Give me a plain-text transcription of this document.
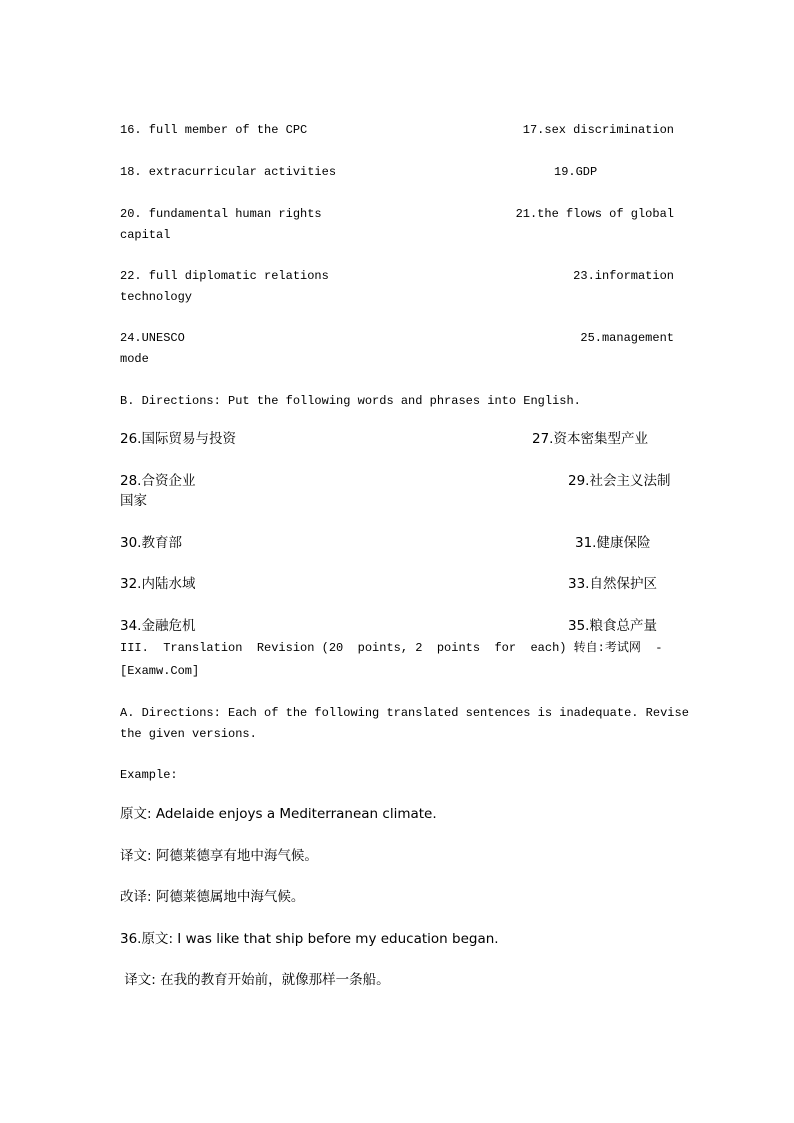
16. full member of the CPC	17.sex discrimination
18. extracurricular activities	19.GDP
20. fundamental human rights	21.the flows of global
capital
22. full diplomatic relations	23.information
technology
24.UNESCO	25.management
mode
B. Directions: Put the following words and phrases into English.
26.国际贸易与投资	27.资本密集型产业
28.合资企业	29.社会主义法制
国家
30.教育部	31.健康保险
32.内陆水域	33.自然保护区
34.金融危机	35.粮食总产量
III.  Translation  Revision (20  points, 2  points  for  each) 转自:考试网  -
[Examw.Com]
A. Directions: Each of the following translated sentences is inadequate. Revise
the given versions.
Example:
原文: Adelaide enjoys a Mediterranean climate.
译文: 阿德莱德享有地中海气候。
改译: 阿德莱德属地中海气候。
36.原文: I was like that ship before my education began.
译文: 在我的教育开始前，就像那样一条船。
